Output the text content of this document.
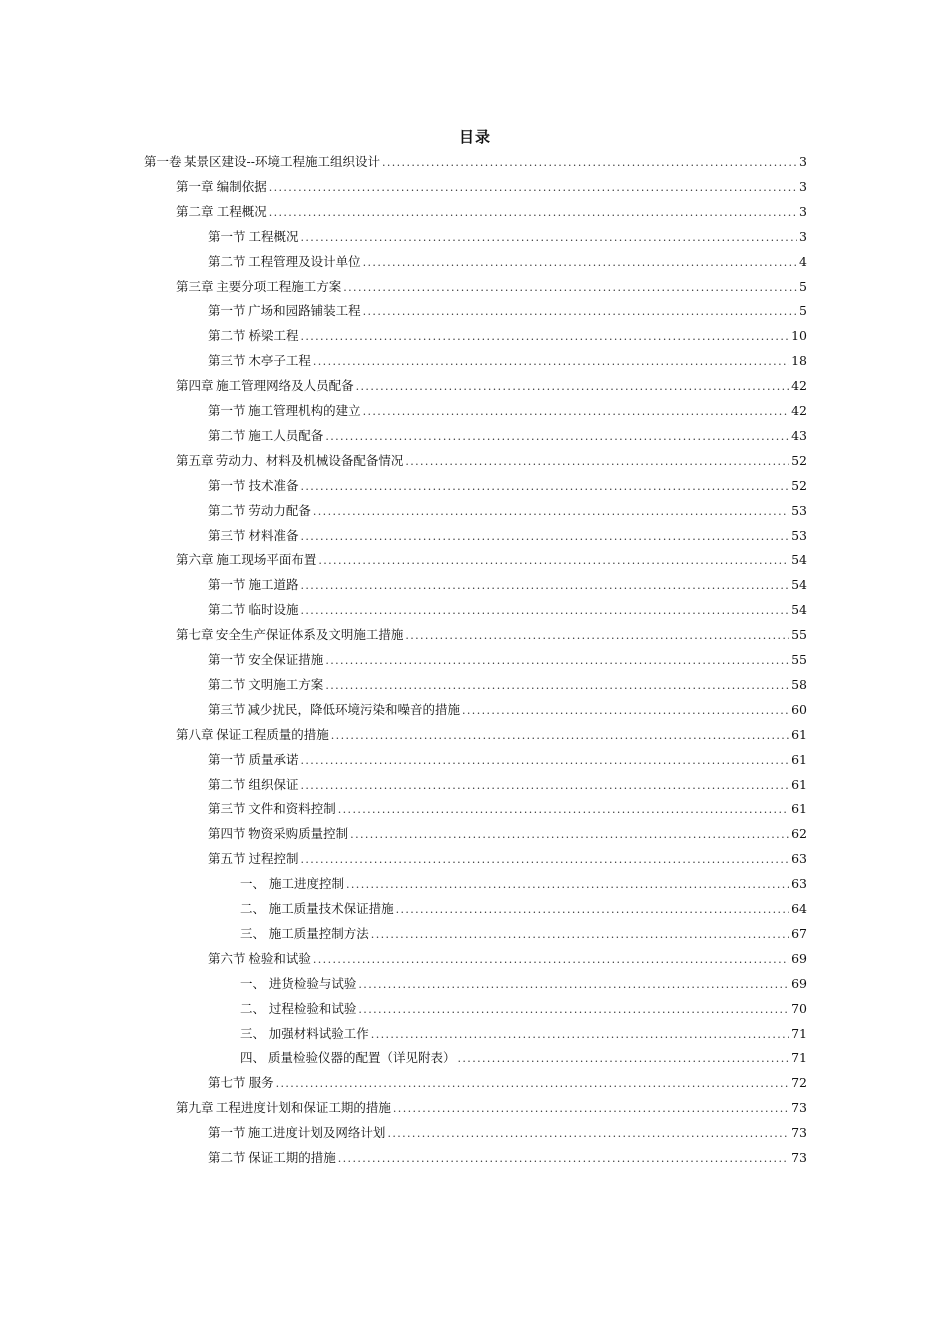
目录
第一卷 某景区建设--环境工程施工组织设计 .....	3
第一章 编制依据 .....	3
第二章 工程概况 .....	3
第一节 工程概况 .....	3
第二节 工程管理及设计单位 .....	4
第三章 主要分项工程施工方案 .....	5
第一节 广场和园路铺装工程 .....	5
第二节 桥梁工程 .....	10
第三节 木亭子工程 .....	18
第四章 施工管理网络及人员配备 .....	42
第一节 施工管理机构的建立 .....	42
第二节 施工人员配备 .....	43
第五章 劳动力、材料及机械设备配备情况 .....	52
第一节 技术准备 .....	52
第二节 劳动力配备 .....	53
第三节 材料准备 .....	53
第六章 施工现场平面布置 .....	54
第一节 施工道路 .....	54
第二节 临时设施 .....	54
第七章 安全生产保证体系及文明施工措施 .....	55
第一节 安全保证措施 .....	55
第二节 文明施工方案 .....	58
第三节 减少扰民，降低环境污染和噪音的措施 .....	60
第八章 保证工程质量的措施 .....	61
第一节 质量承诺 .....	61
第二节 组织保证 .....	61
第三节 文件和资料控制 .....	61
第四节 物资采购质量控制 .....	62
第五节 过程控制 .....	63
一、 施工进度控制 .....	63
二、 施工质量技术保证措施 .....	64
三、 施工质量控制方法 .....	67
第六节 检验和试验 .....	69
一、 进货检验与试验 .....	69
二、 过程检验和试验 .....	70
三、 加强材料试验工作 .....	71
四、 质量检验仪器的配置（详见附表） .....	71
第七节 服务 .....	72
第九章 工程进度计划和保证工期的措施 .....	73
第一节 施工进度计划及网络计划 .....	73
第二节 保证工期的措施 .....	73
